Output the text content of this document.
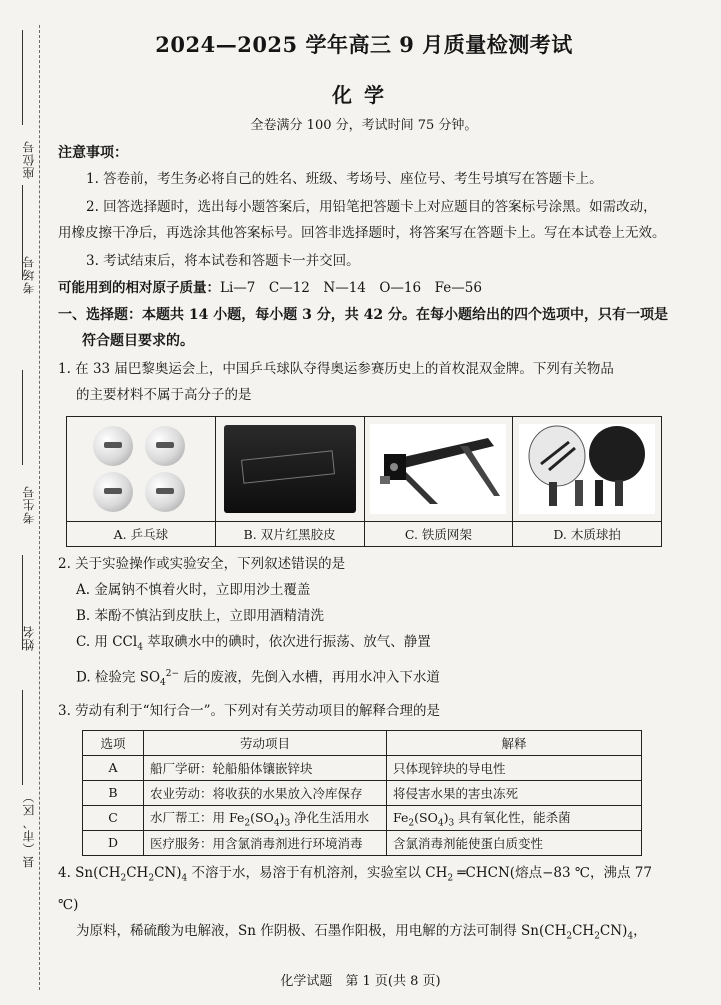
座位号
考场号
考生号
姓名
县（市、区）
2024—2025 学年高三 9 月质量检测考试
化学
全卷满分 100 分，考试时间 75 分钟。
注意事项：
1. 答卷前，考生务必将自己的姓名、班级、考场号、座位号、考生号填写在答题卡上。
2. 回答选择题时，选出每小题答案后，用铅笔把答题卡上对应题目的答案标号涂黑。如需改动，用橡皮擦干净后，再选涂其他答案标号。回答非选择题时，将答案写在答题卡上。写在本试卷上无效。
3. 考试结束后，将本试卷和答题卡一并交回。
可能用到的相对原子质量：Li—7　C—12　N—14　O—16　Fe—56
一、选择题：本题共 14 小题，每小题 3 分，共 42 分。在每小题给出的四个选项中，只有一项是
符合题目要求的。
1. 在 33 届巴黎奥运会上，中国乒乓球队夺得奥运参赛历史上的首枚混双金牌。下列有关物品
的主要材料不属于高分子的是

A. 乒乓球	B. 双片红黑胶皮	C. 铁质网架	D. 木质球拍
2. 关于实验操作或实验安全，下列叙述错误的是
A. 金属钠不慎着火时，立即用沙土覆盖
B. 苯酚不慎沾到皮肤上，立即用酒精清洗
C. 用 CCl$_4$ 萃取碘水中的碘时，依次进行振荡、放气、静置
D. 检验完 $SO_4^{2-}$ 后的废液，先倒入水槽，再用水冲入下水道
3. 劳动有利于“知行合一”。下列对有关劳动项目的解释合理的是
选项	劳动项目	解释
A	船厂学研：轮船船体镶嵌锌块	只体现锌块的导电性
B	农业劳动：将收获的水果放入冷库保存	将侵害水果的害虫冻死
C	水厂帮工：用 $Fe_2(SO_4)_3$ 净化生活用水	$Fe_2(SO_4)_3$ 具有氧化性，能杀菌
D	医疗服务：用含氯消毒剂进行环境消毒	含氯消毒剂能使蛋白质变性
4. $Sn(CH_2CH_2CN)_4$ 不溶于水，易溶于有机溶剂，实验室以 $CH_2$ ═CHCN(熔点−83 ℃，沸点 77 ℃)
为原料，稀硫酸为电解液，Sn 作阴极、石墨作阳极，用电解的方法可制得 $Sn(CH_2CH_2CN)_4$，
化学试题　第 1 页(共 8 页)
